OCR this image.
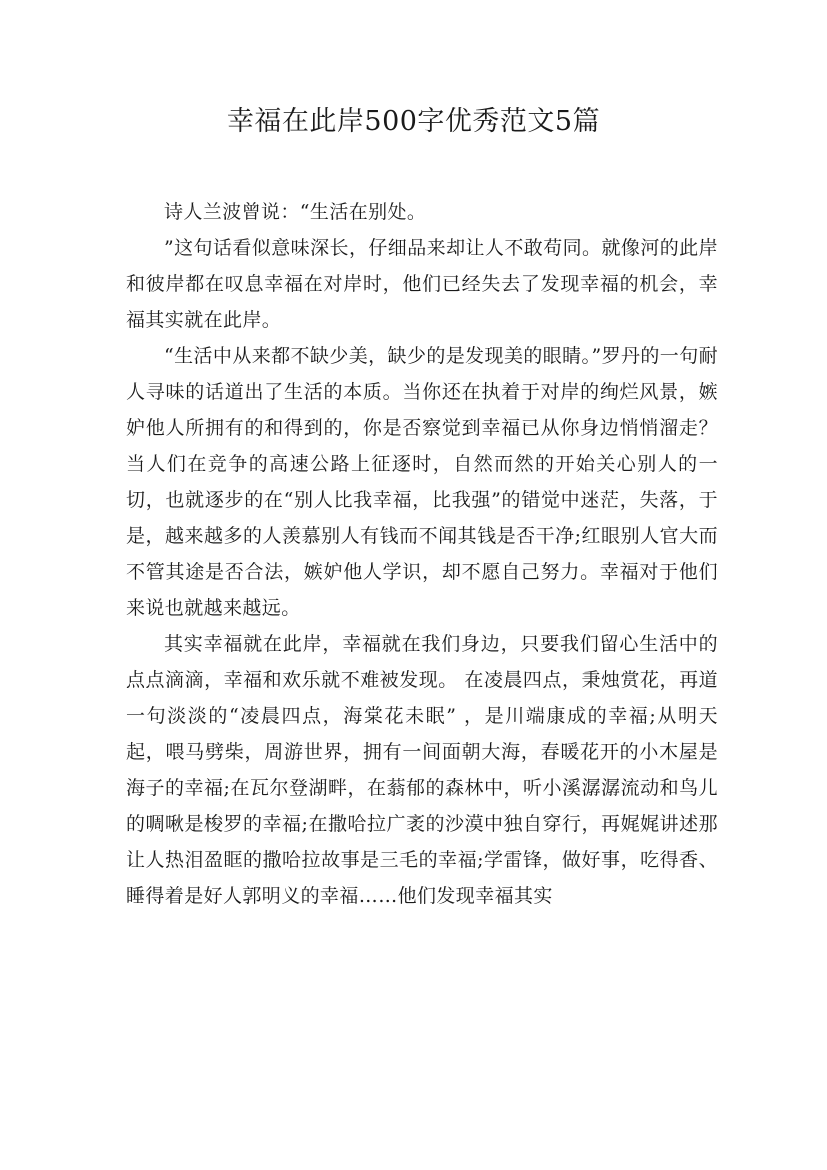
幸福在此岸500字优秀范文5篇

诗人兰波曾说：“生活在别处。

”这句话看似意味深长，仔细品来却让人不敢苟同。就像河的此岸和彼岸都在叹息幸福在对岸时，他们已经失去了发现幸福的机会，幸福其实就在此岸。

“生活中从来都不缺少美，缺少的是发现美的眼睛。”罗丹的一句耐人寻味的话道出了生活的本质。当你还在执着于对岸的绚烂风景，嫉妒他人所拥有的和得到的，你是否察觉到幸福已从你身边悄悄溜走？当人们在竞争的高速公路上征逐时，自然而然的开始关心别人的一切，也就逐步的在“别人比我幸福，比我强”的错觉中迷茫，失落，于是，越来越多的人羡慕别人有钱而不闻其钱是否干净;红眼别人官大而不管其途是否合法，嫉妒他人学识，却不愿自己努力。幸福对于他们来说也就越来越远。

其实幸福就在此岸，幸福就在我们身边，只要我们留心生活中的点点滴滴，幸福和欢乐就不难被发现。 在凌晨四点，秉烛赏花，再道一句淡淡的“凌晨四点，海棠花未眠” ，是川端康成的幸福;从明天起，喂马劈柴，周游世界，拥有一间面朝大海，春暖花开的小木屋是海子的幸福;在瓦尔登湖畔，在蓊郁的森林中，听小溪潺潺流动和鸟儿的啁啾是梭罗的幸福;在撒哈拉广袤的沙漠中独自穿行，再娓娓讲述那让人热泪盈眶的撒哈拉故事是三毛的幸福;学雷锋，做好事，吃得香、睡得着是好人郭明义的幸福……他们发现幸福其实
